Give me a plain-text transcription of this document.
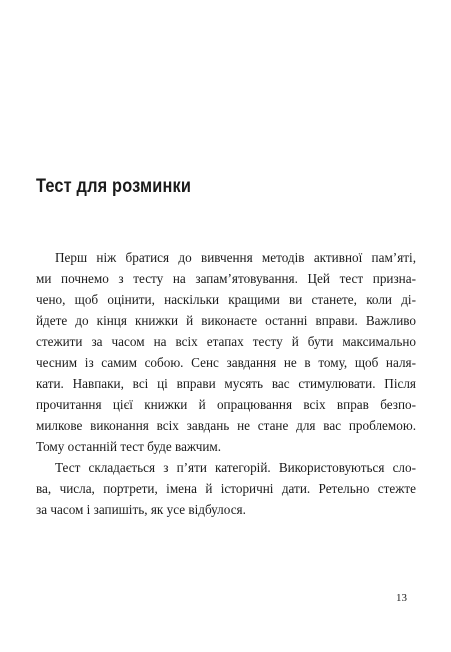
Тест для розминки
Перш ніж братися до вивчення методів активної пам’яті,
ми почнемо з тесту на запам’ятовування. Цей тест призна-
чено, щоб оцінити, наскільки кращими ви станете, коли ді-
йдете до кінця книжки й виконаєте останні вправи. Важливо
стежити за часом на всіх етапах тесту й бути максимально
чесним із самим собою. Сенс завдання не в тому, щоб наля-
кати. Навпаки, всі ці вправи мусять вас стимулювати. Після
прочитання цієї книжки й опрацювання всіх вправ безпо-
милкове виконання всіх завдань не стане для вас проблемою.
Тому останній тест буде важчим.
Тест складається з п’яти категорій. Використовуються сло-
ва, числа, портрети, імена й історичні дати. Ретельно стежте
за часом і запишіть, як усе відбулося.
13
